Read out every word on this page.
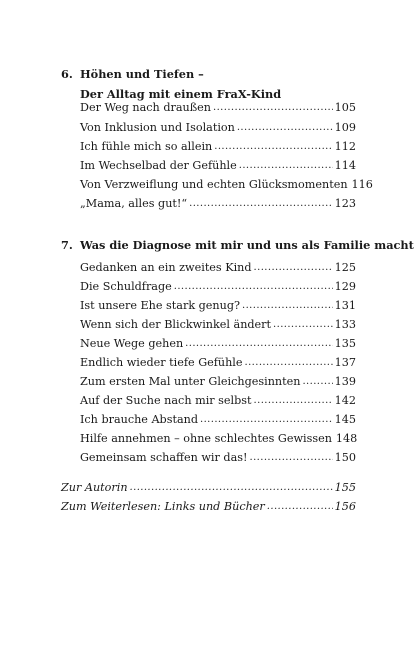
6. Höhen und Tiefen –
Der Alltag mit einem FraX-Kind
Der Weg nach draußen .....	105
Von Inklusion und Isolation .....	109
Ich fühle mich so allein .....	112
Im Wechselbad der Gefühle .....	114
Von Verzweiflung und echten Glücksmomenten 116
„Mama, alles gut!“ .....	123
7. Was die Diagnose mit mir und uns als Familie macht
Gedanken an ein zweites Kind .....	125
Die Schuldfrage .....	129
Ist unsere Ehe stark genug? .....	131
Wenn sich der Blickwinkel ändert .....	133
Neue Wege gehen .....	135
Endlich wieder tiefe Gefühle .....	137
Zum ersten Mal unter Gleichgesinnten .....	139
Auf der Suche nach mir selbst .....	142
Ich brauche Abstand .....	145
Hilfe annehmen – ohne schlechtes Gewissen 148
Gemeinsam schaffen wir das! .....	150
Zur Autorin .....	155
Zum Weiterlesen: Links und Bücher .....	156
